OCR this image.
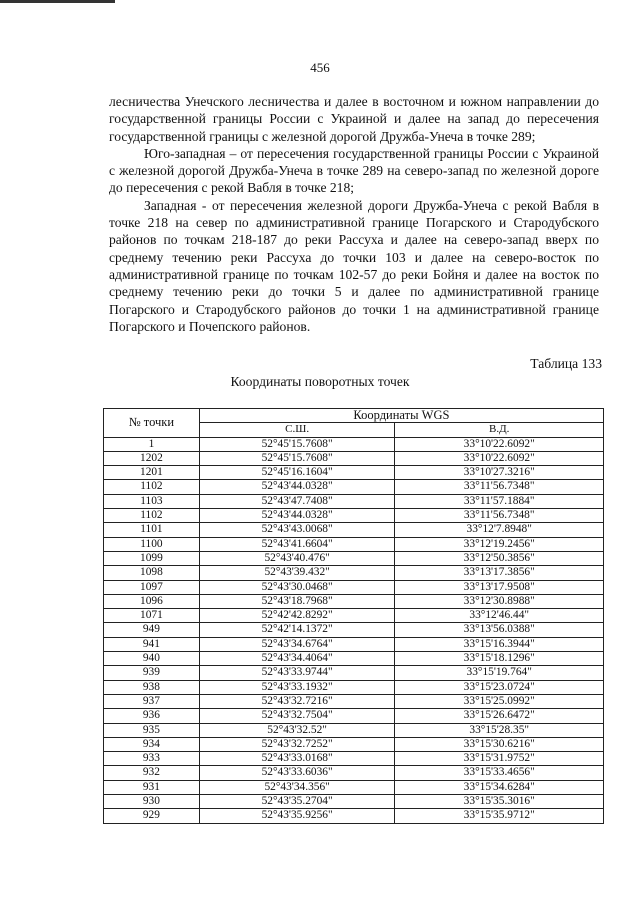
456

лесничества Унечского лесничества и далее в восточном и южном направлении до государственной границы России с Украиной и далее на запад до пересечения государственной границы с железной дорогой Дружба-Унеча в точке 289;

Юго-западная – от пересечения государственной границы России с Украиной с железной дорогой Дружба-Унеча в точке 289 на северо-запад по железной дороге до пересечения с рекой Вабля в точке 218;

Западная - от пересечения железной дороги Дружба-Унеча с рекой Вабля в точке 218 на север по административной границе Погарского и Стародубского районов по точкам 218-187 до реки Рассуха и далее на северо-запад вверх по среднему течению реки Рассуха до точки 103 и далее на северо-восток по административной границе по точкам 102-57 до реки Бойня и далее на восток по среднему течению реки до точки 5 и далее по административной границе Погарского и Стародубского районов до точки 1 на административной границе Погарского и Почепского районов.

Таблица 133
Координаты поворотных точек
№ точки	Координаты WGS	
	С.Ш.	В.Д.
1	52°45'15.7608"	33°10'22.6092"
1202	52°45'15.7608"	33°10'22.6092"
1201	52°45'16.1604"	33°10'27.3216"
1102	52°43'44.0328"	33°11'56.7348"
1103	52°43'47.7408"	33°11'57.1884"
1102	52°43'44.0328"	33°11'56.7348"
1101	52°43'43.0068"	33°12'7.8948"
1100	52°43'41.6604"	33°12'19.2456"
1099	52°43'40.476"	33°12'50.3856"
1098	52°43'39.432"	33°13'17.3856"
1097	52°43'30.0468"	33°13'17.9508"
1096	52°43'18.7968"	33°12'30.8988"
1071	52°42'42.8292"	33°12'46.44"
949	52°42'14.1372"	33°13'56.0388"
941	52°43'34.6764"	33°15'16.3944"
940	52°43'34.4064"	33°15'18.1296"
939	52°43'33.9744"	33°15'19.764"
938	52°43'33.1932"	33°15'23.0724"
937	52°43'32.7216"	33°15'25.0992"
936	52°43'32.7504"	33°15'26.6472"
935	52°43'32.52"	33°15'28.35"
934	52°43'32.7252"	33°15'30.6216"
933	52°43'33.0168"	33°15'31.9752"
932	52°43'33.6036"	33°15'33.4656"
931	52°43'34.356"	33°15'34.6284"
930	52°43'35.2704"	33°15'35.3016"
929	52°43'35.9256"	33°15'35.9712"
